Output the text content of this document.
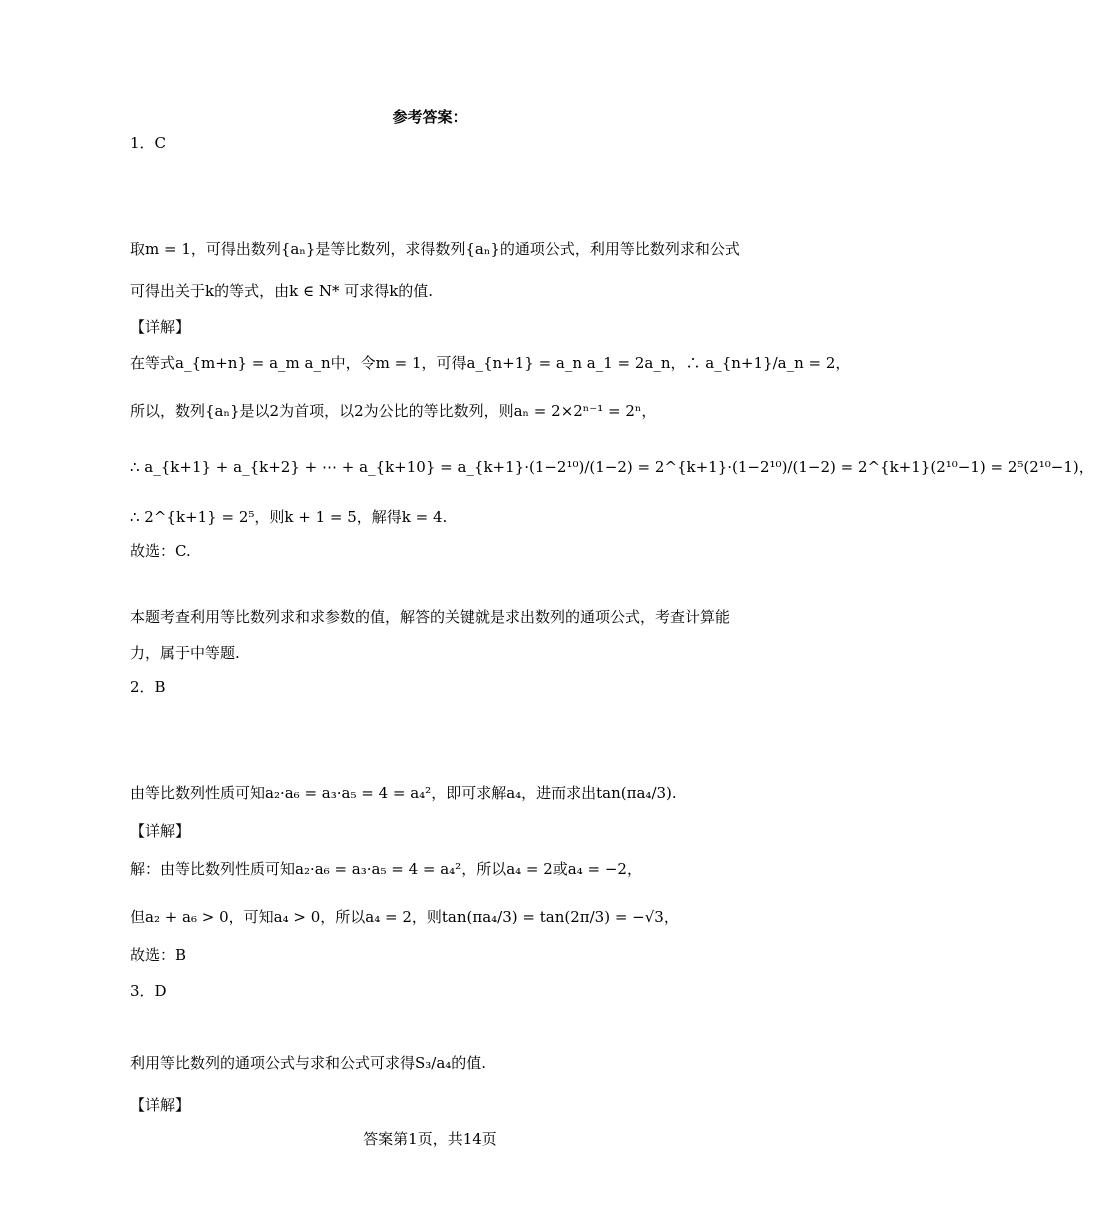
参考答案：
1．C
取m = 1，可得出数列{aₙ}是等比数列，求得数列{aₙ}的通项公式，利用等比数列求和公式
可得出关于k的等式，由k ∈ N* 可求得k的值.
【详解】
在等式a_{m+n} = a_m a_n中，令m = 1，可得a_{n+1} = a_n a_1 = 2a_n，∴ a_{n+1}/a_n = 2，
所以，数列{aₙ}是以2为首项，以2为公比的等比数列，则aₙ = 2×2ⁿ⁻¹ = 2ⁿ，
∴ a_{k+1} + a_{k+2} + ⋯ + a_{k+10} = a_{k+1}·(1−2¹⁰)/(1−2) = 2^{k+1}·(1−2¹⁰)/(1−2) = 2^{k+1}(2¹⁰−1) = 2⁵(2¹⁰−1)，
∴ 2^{k+1} = 2⁵，则k + 1 = 5，解得k = 4.
故选：C.
本题考查利用等比数列求和求参数的值，解答的关键就是求出数列的通项公式，考查计算能
力，属于中等题.
2．B
由等比数列性质可知a₂·a₆ = a₃·a₅ = 4 = a₄²，即可求解a₄，进而求出tan(πa₄/3).
【详解】
解：由等比数列性质可知a₂·a₆ = a₃·a₅ = 4 = a₄²，所以a₄ = 2或a₄ = −2，
但a₂ + a₆ > 0，可知a₄ > 0，所以a₄ = 2，则tan(πa₄/3) = tan(2π/3) = −√3，
故选：B
3．D
利用等比数列的通项公式与求和公式可求得S₃/a₄的值.
【详解】
答案第1页，共14页
